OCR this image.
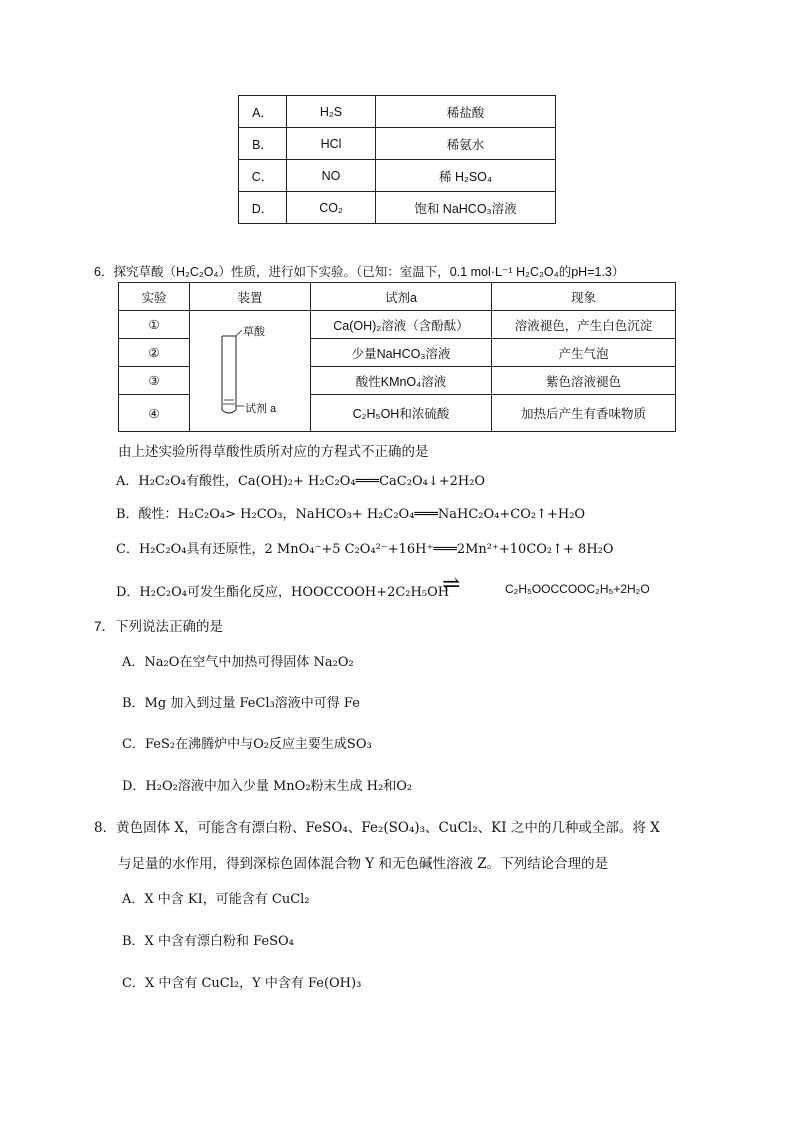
A．	H₂S	稀盐酸
B．	HCl	稀氨水
C．	NO	稀 H₂SO₄
D．	CO₂	饱和 NaHCO₃溶液
6．探究草酸（H₂C₂O₄）性质，进行如下实验。（已知：室温下，0.1 mol·L⁻¹ H₂C₂O₄的pH=1.3）
实验	装置	试剂a	现象
①		Ca(OH)₂溶液（含酚酞）	溶液褪色，产生白色沉淀
②		少量NaHCO₃溶液	产生气泡
③		酸性KMnO₄溶液	紫色溶液褪色
④		C₂H₅OH和浓硫酸	加热后产生有香味物质
草酸
试剂 a
由上述实验所得草酸性质所对应的方程式不正确的是
A．H₂C₂O₄有酸性，Ca(OH)₂+ H₂C₂O₄═══CaC₂O₄↓+2H₂O
B．酸性：H₂C₂O₄> H₂CO₃，NaHCO₃+ H₂C₂O₄═══NaHC₂O₄+CO₂↑+H₂O
C．H₂C₂O₄具有还原性，2 MnO₄⁻+5 C₂O₄²⁻+16H⁺═══2Mn²⁺+10CO₂↑+ 8H₂O
D．H₂C₂O₄可发生酯化反应，HOOCCOOH+2C₂H₅OH
⇌	C₂H₅OOCCOOC₂H₅+2H₂O
7．下列说法正确的是
A．Na₂O在空气中加热可得固体 Na₂O₂
B．Mg 加入到过量 FeCl₃溶液中可得 Fe
C．FeS₂在沸腾炉中与O₂反应主要生成SO₃
D．H₂O₂溶液中加入少量 MnO₂粉末生成 H₂和O₂
8．黄色固体 X，可能含有漂白粉、FeSO₄、Fe₂(SO₄)₃、CuCl₂、KI 之中的几种或全部。将 X
与足量的水作用，得到深棕色固体混合物 Y 和无色碱性溶液 Z。下列结论合理的是
A．X 中含 KI，可能含有 CuCl₂
B．X 中含有漂白粉和 FeSO₄
C．X 中含有 CuCl₂，Y 中含有 Fe(OH)₃
